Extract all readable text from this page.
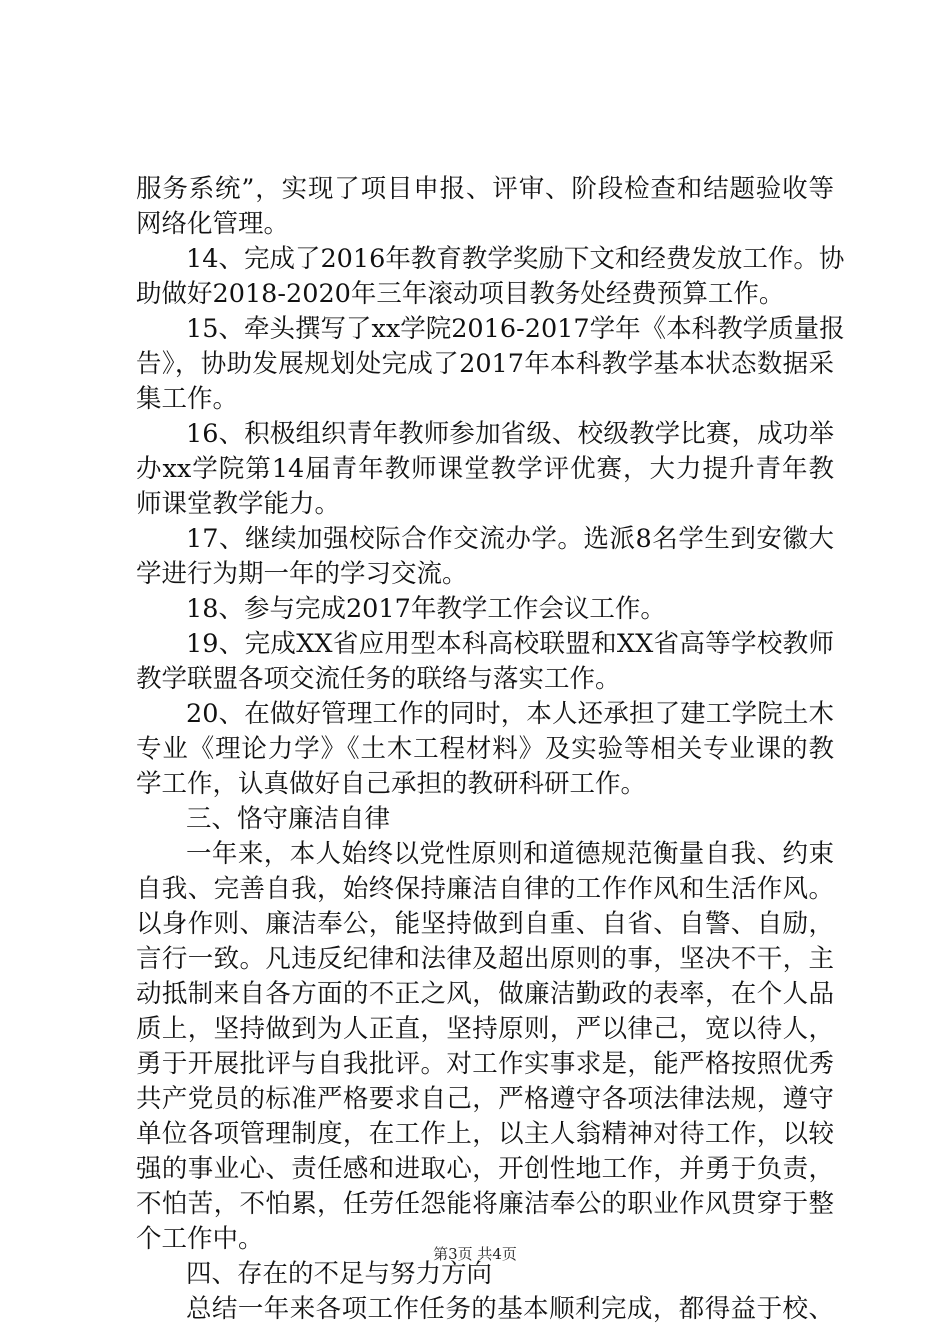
服务系统”，实现了项目申报、评审、阶段检查和结题验收等
网络化管理。
14、完成了2016年教育教学奖励下文和经费发放工作。协
助做好2018-2020年三年滚动项目教务处经费预算工作。
15、牵头撰写了xx学院2016-2017学年《本科教学质量报
告》，协助发展规划处完成了2017年本科教学基本状态数据采
集工作。
16、积极组织青年教师参加省级、校级教学比赛，成功举
办xx学院第14届青年教师课堂教学评优赛，大力提升青年教
师课堂教学能力。
17、继续加强校际合作交流办学。选派8名学生到安徽大
学进行为期一年的学习交流。
18、参与完成2017年教学工作会议工作。
19、完成XX省应用型本科高校联盟和XX省高等学校教师
教学联盟各项交流任务的联络与落实工作。
20、在做好管理工作的同时，本人还承担了建工学院土木
专业《理论力学》《土木工程材料》及实验等相关专业课的教
学工作，认真做好自己承担的教研科研工作。
三、恪守廉洁自律
一年来，本人始终以党性原则和道德规范衡量自我、约束
自我、完善自我，始终保持廉洁自律的工作作风和生活作风。
以身作则、廉洁奉公，能坚持做到自重、自省、自警、自励，
言行一致。凡违反纪律和法律及超出原则的事，坚决不干，主
动抵制来自各方面的不正之风，做廉洁勤政的表率，在个人品
质上，坚持做到为人正直，坚持原则，严以律己，宽以待人，
勇于开展批评与自我批评。对工作实事求是，能严格按照优秀
共产党员的标准严格要求自己，严格遵守各项法律法规，遵守
单位各项管理制度，在工作上，以主人翁精神对待工作，以较
强的事业心、责任感和进取心，开创性地工作，并勇于负责，
不怕苦，不怕累，任劳任怨能将廉洁奉公的职业作风贯穿于整
个工作中。
四、存在的不足与努力方向
总结一年来各项工作任务的基本顺利完成，都得益于校、
第3页 共4页
